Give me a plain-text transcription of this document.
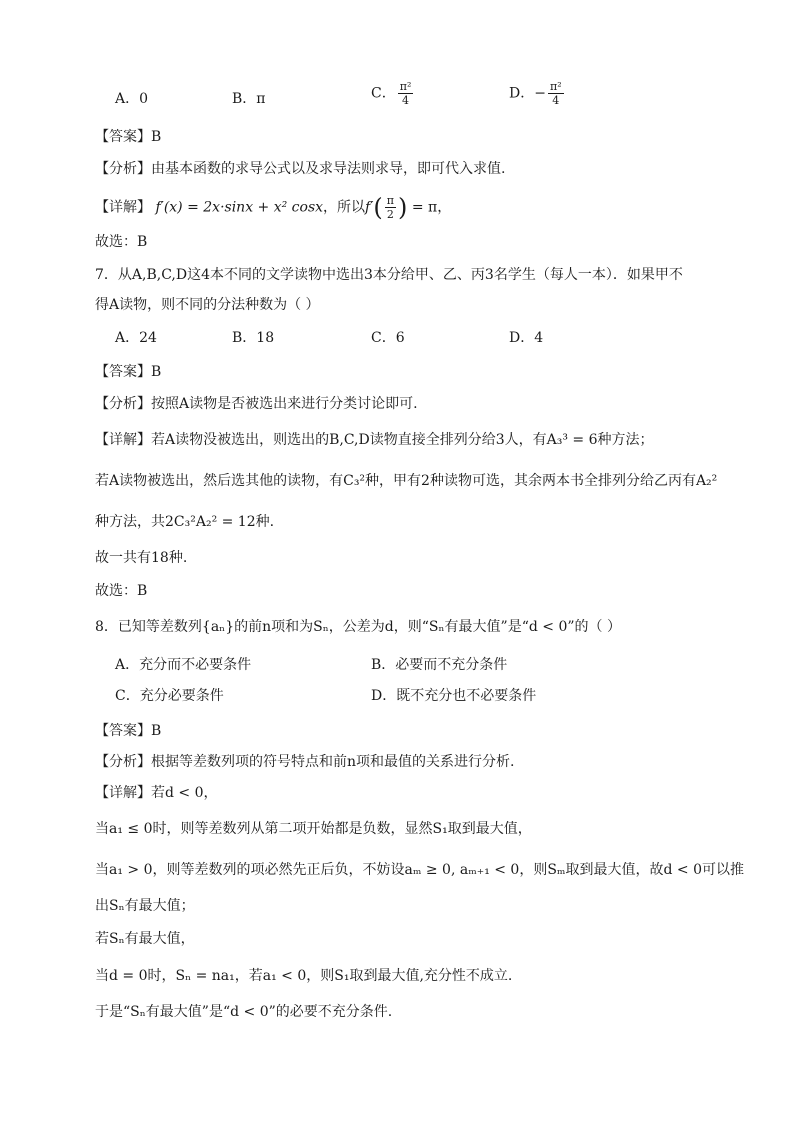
A．0	B．π	C． $\frac{\text{π²}}{4}$	D．− $\frac{\text{π²}}{4}$
【答案】B
【分析】由基本函数的求导公式以及求导法则求导，即可代入求值.
【详解】 f′(x) = 2x·sinx + x² cosx，所以$f'( \frac{\pi}{2}$ ) = π，
故选：B
7．从A,B,C,D这4本不同的文学读物中选出3本分给甲、乙、丙3名学生（每人一本）．如果甲不
得A读物，则不同的分法种数为（ ）
A．24	B．18	C．6	D．4
【答案】B
【分析】按照A读物是否被选出来进行分类讨论即可.
【详解】若A读物没被选出，则选出的B,C,D读物直接全排列分给3人，有A₃³ = 6种方法；
若A读物被选出，然后选其他的读物，有C₃²种，甲有2种读物可选，其余两本书全排列分给乙丙有A₂²
种方法，共2C₃²A₂² = 12种.
故一共有18种.
故选：B
8．已知等差数列{aₙ}的前n项和为Sₙ，公差为d，则“Sₙ有最大值”是“d < 0”的（ ）
A．充分而不必要条件	B．必要而不充分条件
C．充分必要条件	D．既不充分也不必要条件
【答案】B
【分析】根据等差数列项的符号特点和前n项和最值的关系进行分析.
【详解】若d < 0，
当a₁ ≤ 0时，则等差数列从第二项开始都是负数，显然S₁取到最大值，
当a₁ > 0，则等差数列的项必然先正后负，不妨设aₘ ≥ 0, aₘ₊₁ < 0，则Sₘ取到最大值，故d < 0可以推
出Sₙ有最大值；
若Sₙ有最大值，
当d = 0时，Sₙ = na₁，若a₁ < 0，则S₁取到最大值,充分性不成立.
于是“Sₙ有最大值”是“d < 0”的必要不充分条件.
